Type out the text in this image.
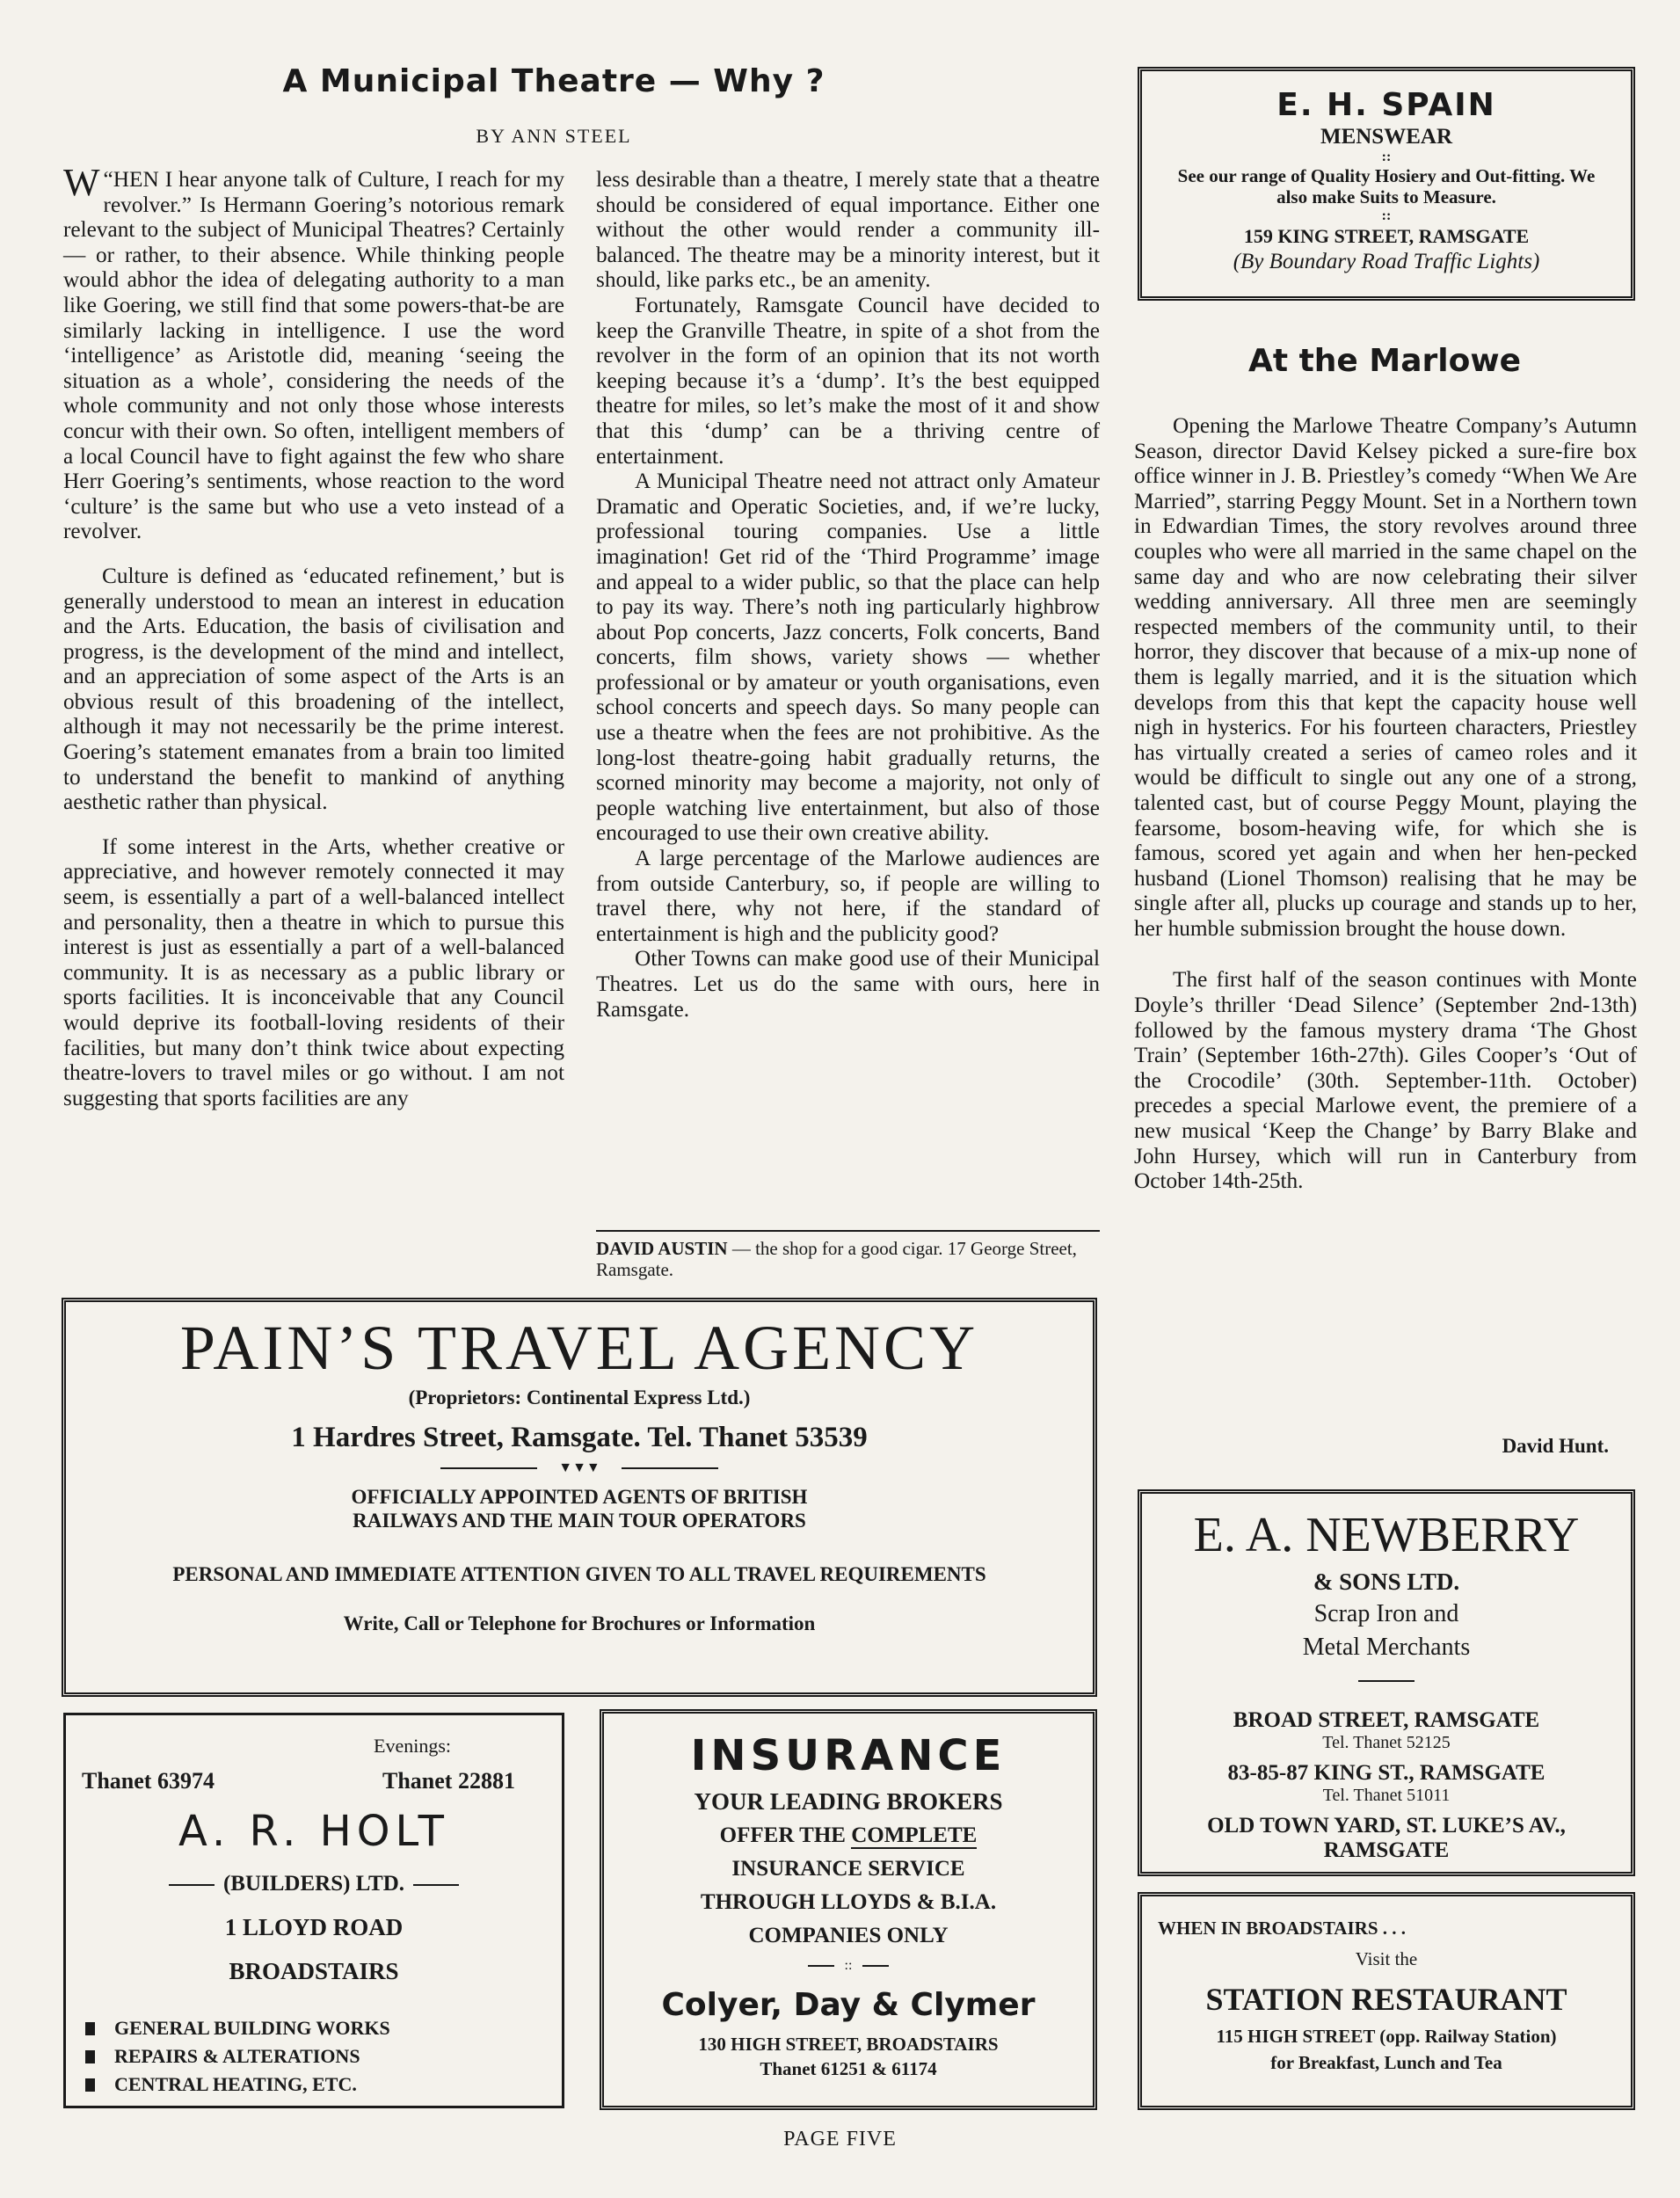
A Municipal Theatre — Why ?
BY ANN STEEL

“
W HEN I hear anyone talk of Culture, I reach for my revolver.” Is Hermann Goering’s notorious remark relevant to the subject of Municipal Theatres? Certainly— or rather, to their absence. While thinking people would abhor the idea of delegating authority to a man like Goering, we still find that some powers-that-be are similarly lacking in intelligence. I use the word ‘intelligence’ as Aristotle did, meaning ‘seeing the situation as a whole’, considering the needs of the whole community and not only those whose interests concur with their own. So often, intelligent members of a local Council have to fight against the few who share Herr Goering’s sentiments, whose reaction to the word ‘culture’ is the same but who use a veto instead of a revolver.

Culture is defined as ‘educated refinement,’ but is generally understood to mean an interest in education and the Arts. Education, the basis of civilisation and progress, is the development of the mind and intellect, and an appreciation of some aspect of the Arts is an obvious result of this broadening of the intellect, although it may not necessarily be the prime interest. Goering’s statement emanates from a brain too limited to understand the benefit to mankind of anything aesthetic rather than physical.

If some interest in the Arts, whether creative or appreciative, and however remotely connected it may seem, is essentially a part of a well-balanced intellect and personality, then a theatre in which to pursue this interest is just as essentially a part of a well-balanced community. It is as necessary as a public library or sports facilities. It is inconceivable that any Council would deprive its football-loving residents of their facilities, but many don’t think twice about expecting theatre-lovers to travel miles or go without. I am not suggesting that sports facilities are any

less desirable than a theatre, I merely state that a theatre should be considered of equal importance. Either one without the other would render a community ill-balanced. The theatre may be a minority interest, but it should, like parks etc., be an amenity.

Fortunately, Ramsgate Council have decided to keep the Granville Theatre, in spite of a shot from the revolver in the form of an opinion that its not worth keeping because it’s a ‘dump’. It’s the best equipped theatre for miles, so let’s make the most of it and show that this ‘dump’ can be a thriving centre of entertainment.

A Municipal Theatre need not attract only Amateur Dramatic and Operatic Societies, and, if we’re lucky, professional touring companies. Use a little imagination! Get rid of the ‘Third Programme’ image and appeal to a wider public, so that the place can help to pay its way. There’s noth ing particularly highbrow about Pop concerts, Jazz concerts, Folk concerts, Band concerts, film shows, variety shows — whether professional or by amateur or youth organisations, even school concerts and speech days. So many people can use a theatre when the fees are not prohibitive. As the long-lost theatre-going habit gradually returns, the scorned minority may become a majority, not only of people watching live entertainment, but also of those encouraged to use their own creative ability.

A large percentage of the Marlowe audiences are from outside Canterbury, so, if people are willing to travel there, why not here, if the standard of entertainment is high and the publicity good?

Other Towns can make good use of their Municipal Theatres. Let us do the same with ours, here in Ramsgate.

DAVID AUSTIN — the shop for a good cigar. 17 George Street, Ramsgate.
E. H. SPAIN
MENSWEAR
::
See our range of Quality Hosiery and Out-fitting. We also make Suits to Measure.
::
159 KING STREET, RAMSGATE
(By Boundary Road Traffic Lights)
At the Marlowe

Opening the Marlowe Theatre Company’s Autumn Season, director David Kelsey picked a sure-fire box office winner in J. B. Priestley’s comedy “When We Are Married”, starring Peggy Mount. Set in a Northern town in Edwardian Times, the story revolves around three couples who were all married in the same chapel on the same day and who are now celebrating their silver wedding anniversary. All three men are seemingly respected members of the community until, to their horror, they discover that because of a mix-up none of them is legally married, and it is the situation which develops from this that kept the capacity house well nigh in hysterics. For his fourteen characters, Priestley has virtually created a series of cameo roles and it would be difficult to single out any one of a strong, talented cast, but of course Peggy Mount, playing the fearsome, bosom-heaving wife, for which she is famous, scored yet again and when her hen-pecked husband (Lionel Thomson) realising that he may be single after all, plucks up courage and stands up to her, her humble submission brought the house down.

The first half of the season continues with Monte Doyle’s thriller ‘Dead Silence’ (September 2nd-13th) followed by the famous mystery drama ‘The Ghost Train’ (September 16th-27th). Giles Cooper’s ‘Out of the Crocodile’ (30th. September-11th. October) precedes a special Marlowe event, the premiere of a new musical ‘Keep the Change’ by Barry Blake and John Hursey, which will run in Canterbury from October 14th-25th.

David Hunt.
PAIN’S TRAVEL AGENCY
(Proprietors: Continental Express Ltd.)
1 Hardres Street, Ramsgate. Tel. Thanet 53539
▼▼▼
OFFICIALLY APPOINTED AGENTS OF BRITISH RAILWAYS AND THE MAIN TOUR OPERATORS
PERSONAL AND IMMEDIATE ATTENTION GIVEN TO ALL TRAVEL REQUIREMENTS
Write, Call or Telephone for Brochures or Information
Evenings:
Thanet 63974	Thanet 22881
A. R. HOLT
(BUILDERS) LTD.
1 LLOYD ROAD
BROADSTAIRS
GENERAL BUILDING WORKS
REPAIRS & ALTERATIONS
CENTRAL HEATING, ETC.
INSURANCE
YOUR LEADING BROKERS
OFFER THE COMPLETE
INSURANCE SERVICE
THROUGH LLOYDS & B.I.A.
COMPANIES ONLY
::
Colyer, Day & Clymer
130 HIGH STREET, BROADSTAIRS
Thanet 61251 & 61174
E. A. NEWBERRY
& SONS LTD.
Scrap Iron and
Metal Merchants
BROAD STREET, RAMSGATE
Tel. Thanet 52125
83-85-87 KING ST., RAMSGATE
Tel. Thanet 51011
OLD TOWN YARD, ST. LUKE’S AV., RAMSGATE
WHEN IN BROADSTAIRS . . .
Visit the
STATION RESTAURANT
115 HIGH STREET (opp. Railway Station)
for Breakfast, Lunch and Tea
PAGE FIVE
